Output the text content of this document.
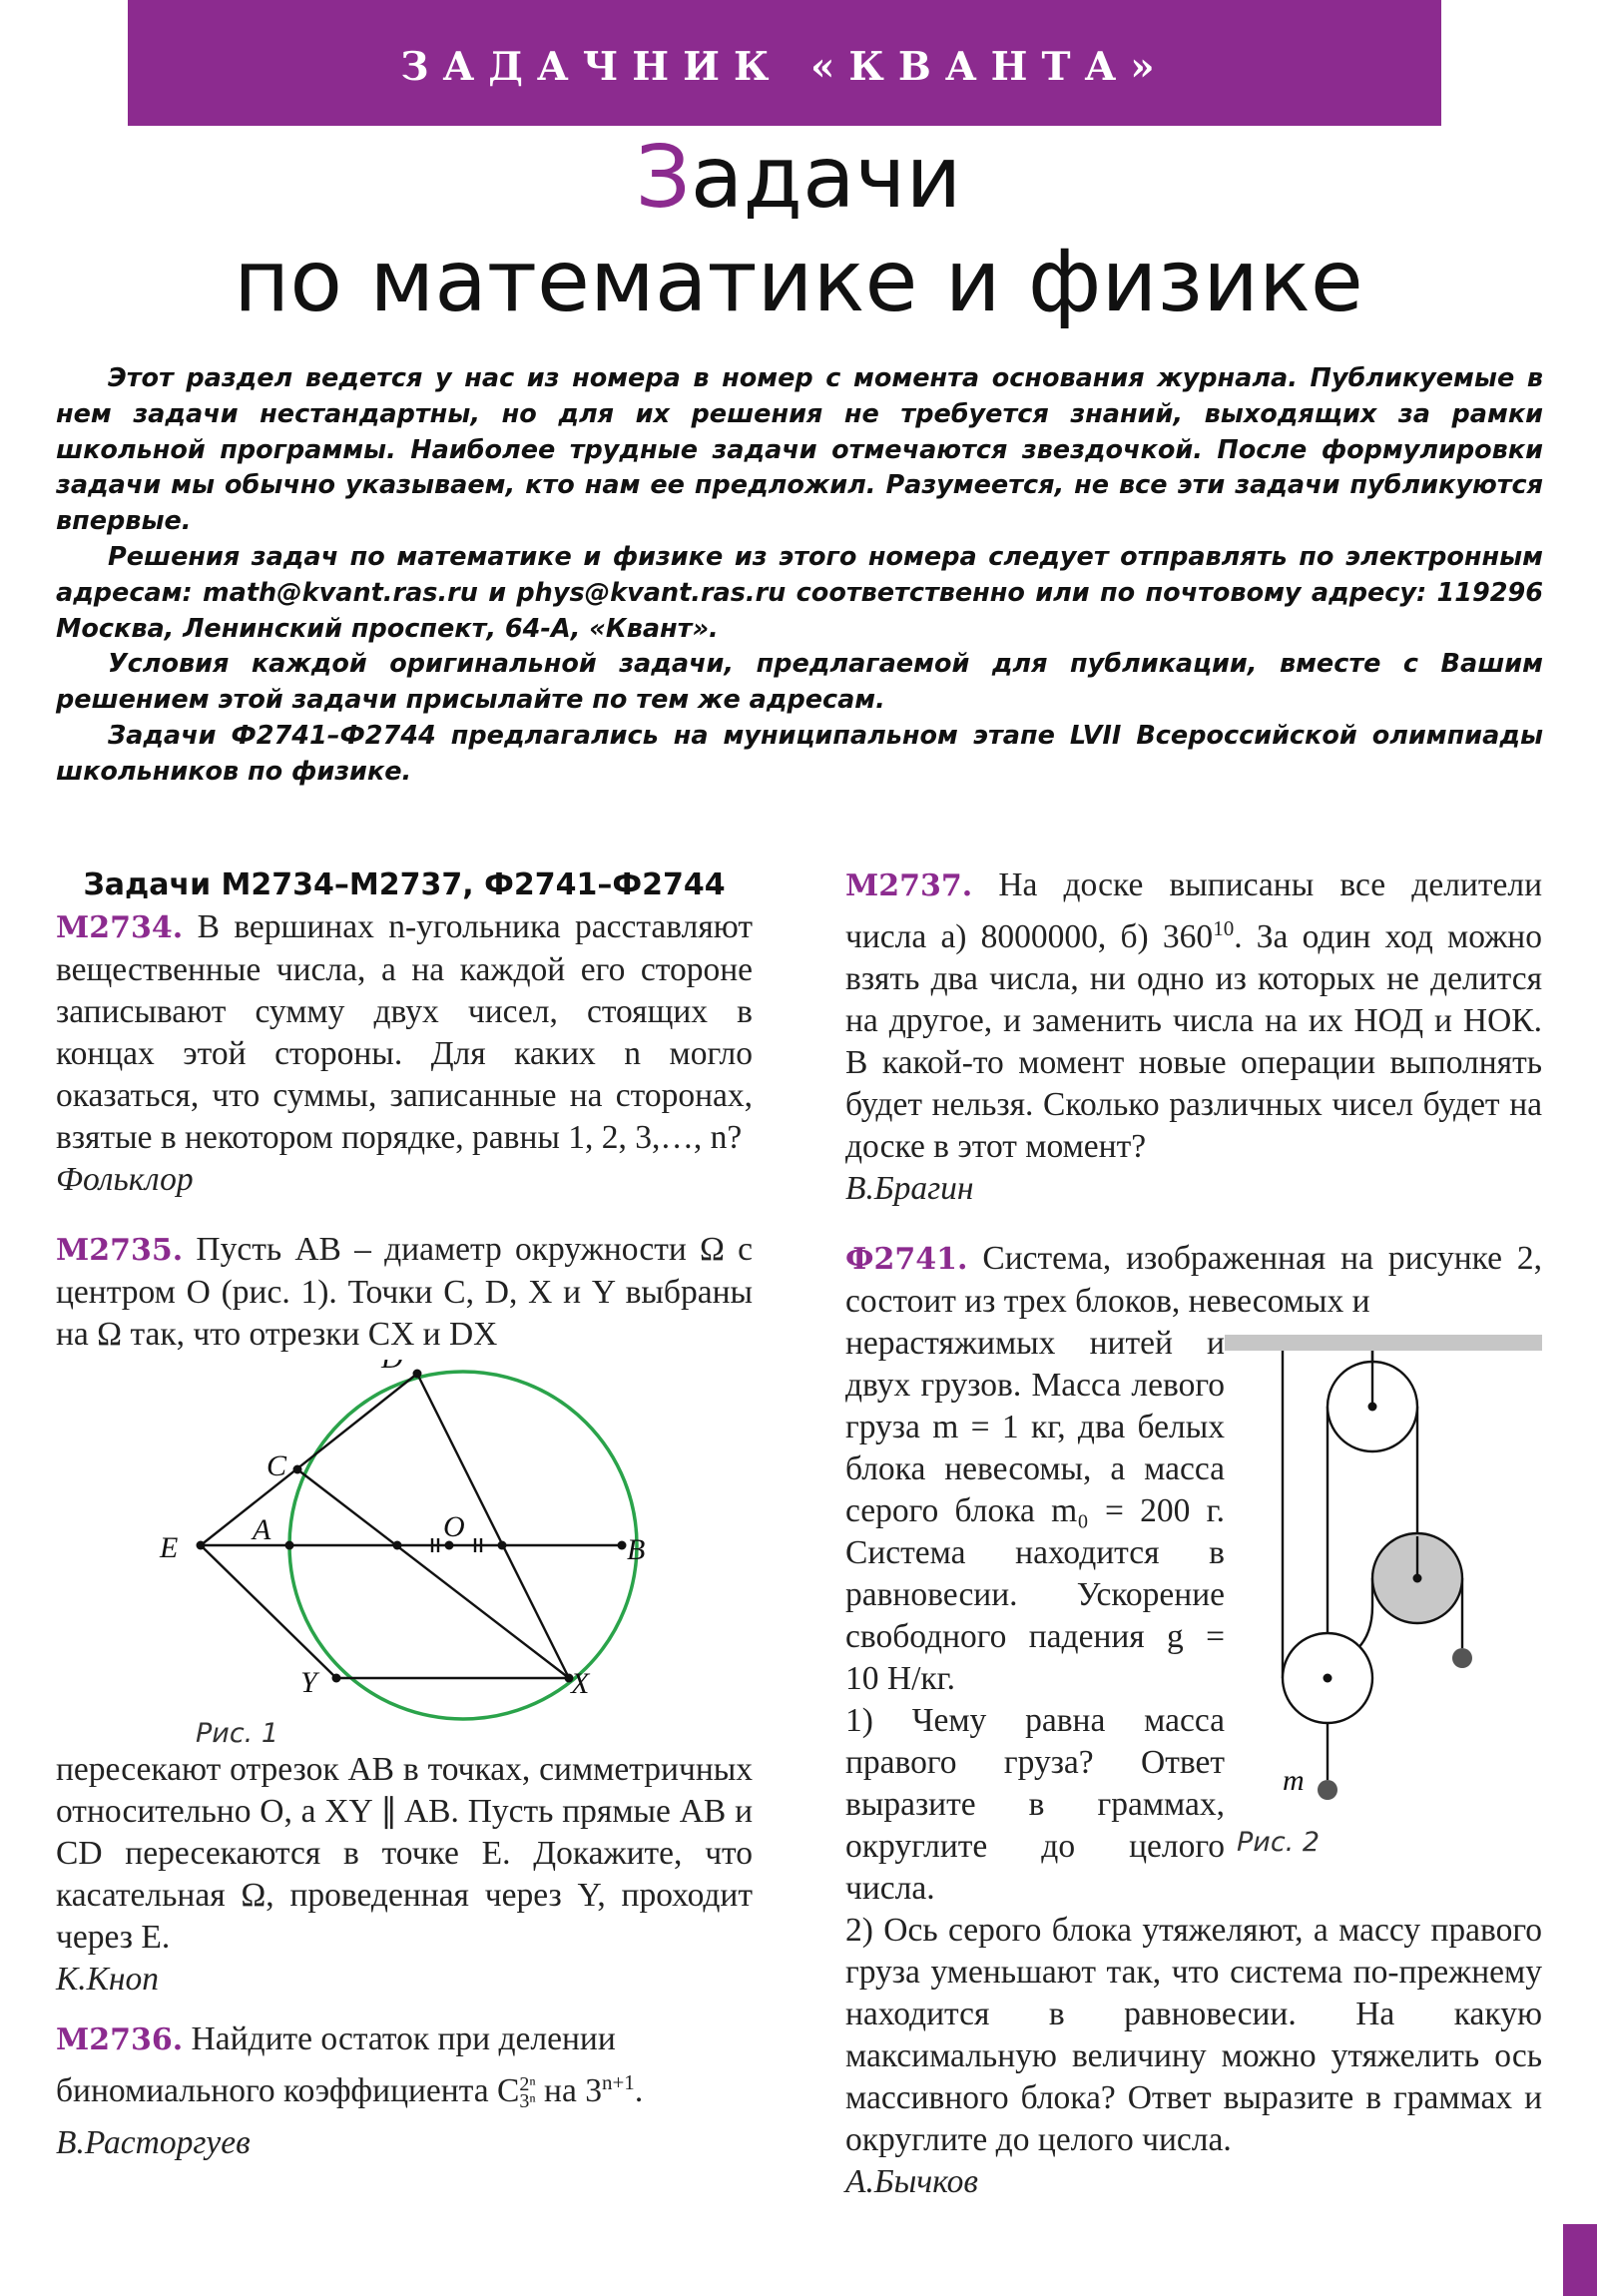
ЗАДАЧНИК «КВАНТА»
Задачи
по математике и физике

Этот раздел ведется у нас из номера в номер с момента основания журнала. Публикуемые в нем задачи нестандартны, но для их решения не требуется знаний, выходящих за рамки школьной программы. Наиболее трудные задачи отмечаются звездочкой. После формулировки задачи мы обычно указываем, кто нам ее предложил. Разумеется, не все эти задачи публикуются впервые.

Решения задач по математике и физике из этого номера следует отправлять по электронным адресам: math@kvant.ras.ru и phys@kvant.ras.ru соответственно или по почтовому адресу: 119296 Москва, Ленинский проспект, 64-А, «Квант».

Условия каждой оригинальной задачи, предлагаемой для публикации, вместе с Вашим решением этой задачи присылайте по тем же адресам.

Задачи Ф2741–Ф2744 предлагались на муниципальном этапе LVII Всероссийской олимпиады школьников по физике.

Задачи М2734–М2737, Ф2741–Ф2744

М2734. В вершинах n-угольника расставляют вещественные числа, а на каждой его стороне записывают сумму двух чисел, стоящих в концах этой стороны. Для каких n могло оказаться, что суммы, записанные на сторонах, взятые в некотором порядке, равны 1, 2, 3,…, n?

Фольклор

М2735. Пусть AB – диаметр окружности Ω с центром O (рис. 1). Точки C, D, X и Y выбраны на Ω так, что отрезки CX и DX

C
E
A	O
B
Y	X
Рис. 1

пересекают отрезок AB в точках, симметричных относительно O, а XY ∥ AB. Пусть прямые AB и CD пересекаются в точке E. Докажите, что касательная Ω, проведенная через Y, проходит через E.

К.Кноп

М2736. Найдите остаток при делении биномиального коэффициента C2ⁿ
3ⁿ на $3^{n+1}$.

В.Расторгуев

М2737. На доске выписаны все делители числа а) 8000000, б) $360^{10}$. За один ход можно взять два числа, ни одно из которых не делится на другое, и заменить числа на их НОД и НОК. В какой-то момент новые операции выполнять будет нельзя. Сколько различных чисел будет на доске в этот момент?

В.Брагин

Ф2741. Система, изображенная на рисунке 2, состоит из трех блоков, невесомых и

нерастяжимых нитей и двух грузов. Масса левого груза m = 1 кг, два белых блока невесомы, а масса серого блока m₀ = 200 г. Система находится в равновесии. Ускорение свободного падения g = 10 Н/кг.

1) Чему равна масса правого груза? Ответ выразите в граммах, округлите до целого числа.

m
Рис. 2

2) Ось серого блока утяжеляют, а массу правого груза уменьшают так, что система по-прежнему находится в равновесии. На какую максимальную величину можно утяжелить ось массивного блока? Ответ выразите в граммах и округлите до целого числа.

А.Бычков
